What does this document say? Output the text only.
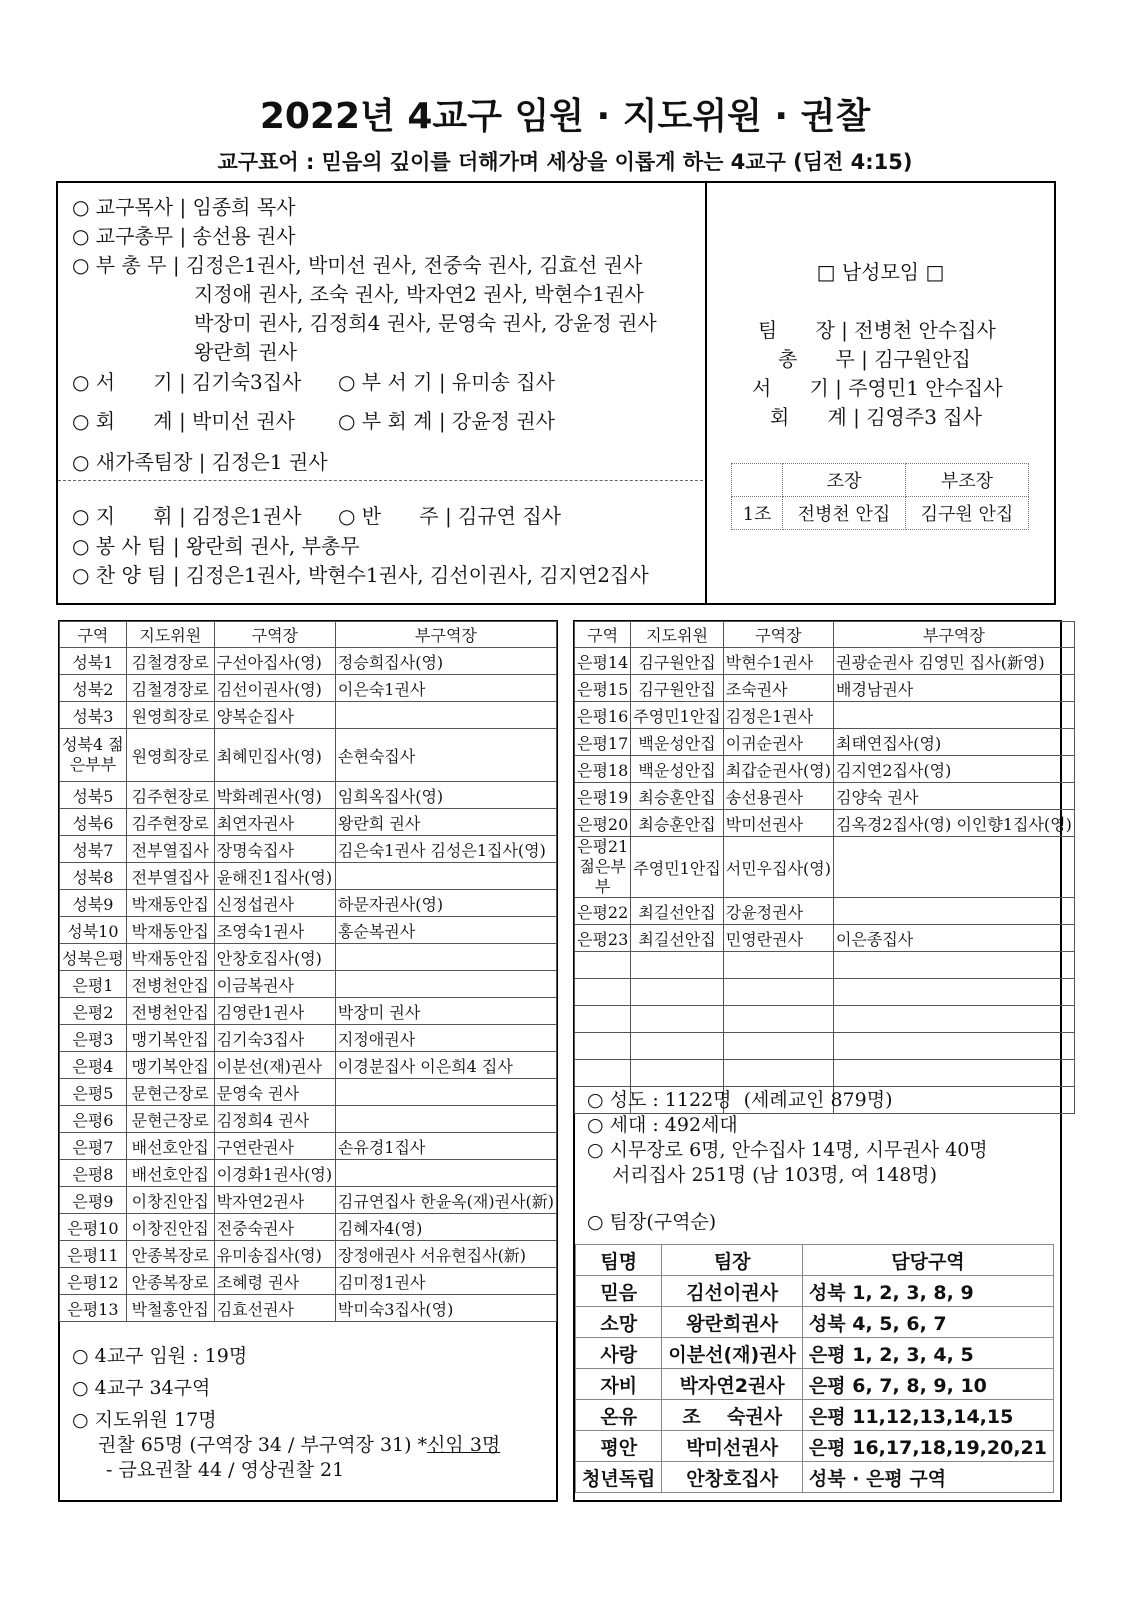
2022년 4교구 임원 · 지도위원 · 권찰
교구표어 : 믿음의 깊이를 더해가며 세상을 이롭게 하는 4교구 (딤전 4:15)
○ 교구목사 | 임종희 목사
○ 교구총무 | 송선용 권사
○ 부 총 무 | 김정은1권사, 박미선 권사, 전중숙 권사, 김효선 권사
지정애 권사, 조숙 권사, 박자연2 권사, 박현수1권사
박장미 권사, 김정희4 권사, 문영숙 권사, 강윤정 권사
왕란희 권사
○ 서      기 | 김기숙3집사 ○ 부 서 기 | 유미송 집사
○ 회      계 | 박미선 권사 ○ 부 회 계 | 강윤정 권사
○ 새가족팀장 | 김정은1 권사
○ 지      휘 | 김정은1권사 ○ 반      주 | 김규연 집사
○ 봉 사 팀 | 왕란희 권사, 부총무
○ 찬 양 팀 | 김정은1권사, 박현수1권사, 김선이권사, 김지연2집사
□ 남성모임 □
팀      장 | 전병천 안수집사
총      무 | 김구원안집
서      기 | 주영민1 안수집사
회      계 | 김영주3 집사
	조장	부조장
1조	전병천 안집	김구원 안집
구역	지도위원	구역장	부구역장
성북1	김철경장로	구선아집사(영)	정승희집사(영)
성북2	김철경장로	김선이권사(영)	이은숙1권사
성북3	원영희장로	양복순집사	
성북4 젊은부부	원영희장로	최혜민집사(영)	손현숙집사
성북5	김주현장로	박화례권사(영)	임희옥집사(영)
성북6	김주현장로	최연자권사	왕란희 권사
성북7	전부열집사	장명숙집사	김은숙1권사 김성은1집사(영)
성북8	전부열집사	윤해진1집사(영)	
성북9	박재동안집	신정섭권사	하문자권사(영)
성북10	박재동안집	조영숙1권사	홍순복권사
성북은평	박재동안집	안창호집사(영)	
은평1	전병천안집	이금복권사	
은평2	전병천안집	김영란1권사	박장미 권사
은평3	맹기복안집	김기숙3집사	지정애권사
은평4	맹기복안집	이분선(재)권사	이경분집사 이은희4 집사
은평5	문현근장로	문영숙 권사	
은평6	문현근장로	김정희4 권사	
은평7	배선호안집	구연란권사	손유경1집사
은평8	배선호안집	이경화1권사(영)	
은평9	이창진안집	박자연2권사	김규연집사 한윤옥(재)권사(新)
은평10	이창진안집	전중숙권사	김혜자4(영)
은평11	안종복장로	유미송집사(영)	장정애권사 서유현집사(新)
은평12	안종복장로	조혜령 권사	김미정1권사
은평13	박철홍안집	김효선권사	박미숙3집사(영)
○ 4교구 임원 : 19명
○ 4교구 34구역
○ 지도위원 17명
권찰 65명 (구역장 34 / 부구역장 31) *신임 3명
- 금요권찰 44 / 영상권찰 21
구역	지도위원	구역장	부구역장
은평14	김구원안집	박현수1권사	권광순권사 김영민 집사(新영)
은평15	김구원안집	조숙권사	배경남권사
은평16	주영민1안집	김정은1권사	
은평17	백운성안집	이귀순권사	최태연집사(영)
은평18	백운성안집	최갑순권사(영)	김지연2집사(영)
은평19	최승훈안집	송선용권사	김양숙 권사
은평20	최승훈안집	박미선권사	김옥경2집사(영) 이인향1집사(영)
은평21 젊은부부	주영민1안집	서민우집사(영)	
은평22	최길선안집	강윤정권사	
은평23	최길선안집	민영란권사	이은종집사

○ 성도 : 1122명  (세례교인 879명)
○ 세대 : 492세대
○ 시무장로 6명, 안수집사 14명, 시무권사 40명
서리집사 251명 (남 103명, 여 148명)
○ 팀장(구역순)
팀명	팀장	담당구역
믿음	김선이권사	성북 1, 2, 3, 8, 9
소망	왕란희권사	성북 4, 5, 6, 7
사랑	이분선(재)권사	은평 1, 2, 3, 4, 5
자비	박자연2권사	은평 6, 7, 8, 9, 10
온유	조    숙권사	은평 11,12,13,14,15
평안	박미선권사	은평 16,17,18,19,20,21
청년독립	안창호집사	성북 · 은평 구역
